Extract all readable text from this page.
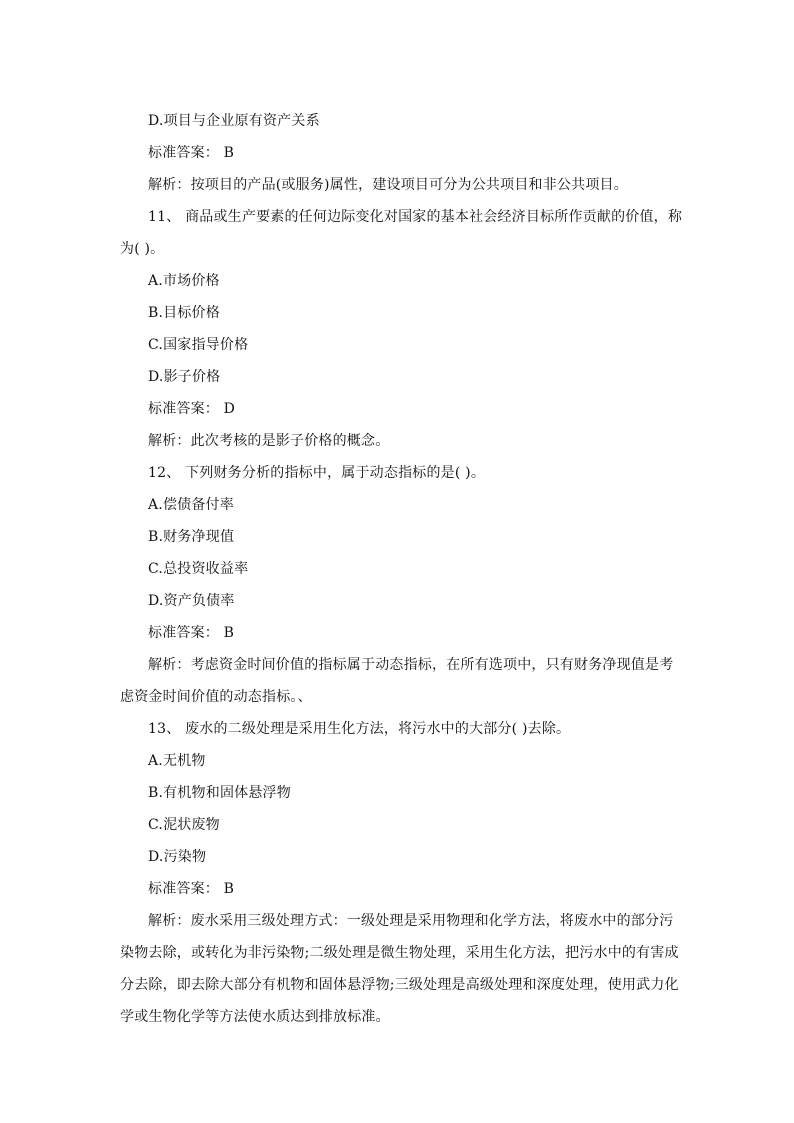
D.项目与企业原有资产关系
标准答案： B
解析：按项目的产品(或服务)属性，建设项目可分为公共项目和非公共项目。
11、 商品或生产要素的任何边际变化对国家的基本社会经济目标所作贡献的价值，称
为( )。
A.市场价格
B.目标价格
C.国家指导价格
D.影子价格
标准答案： D
解析：此次考核的是影子价格的概念。
12、 下列财务分析的指标中，属于动态指标的是( )。
A.偿债备付率
B.财务净现值
C.总投资收益率
D.资产负债率
标准答案： B
解析：考虑资金时间价值的指标属于动态指标，在所有选项中，只有财务净现值是考
虑资金时间价值的动态指标。、
13、 废水的二级处理是采用生化方法，将污水中的大部分( )去除。
A.无机物
B.有机物和固体悬浮物
C.泥状废物
D.污染物
标准答案： B
解析：废水采用三级处理方式：一级处理是采用物理和化学方法，将废水中的部分污
染物去除，或转化为非污染物;二级处理是微生物处理，采用生化方法，把污水中的有害成
分去除，即去除大部分有机物和固体悬浮物;三级处理是高级处理和深度处理，使用武力化
学或生物化学等方法使水质达到排放标准。
